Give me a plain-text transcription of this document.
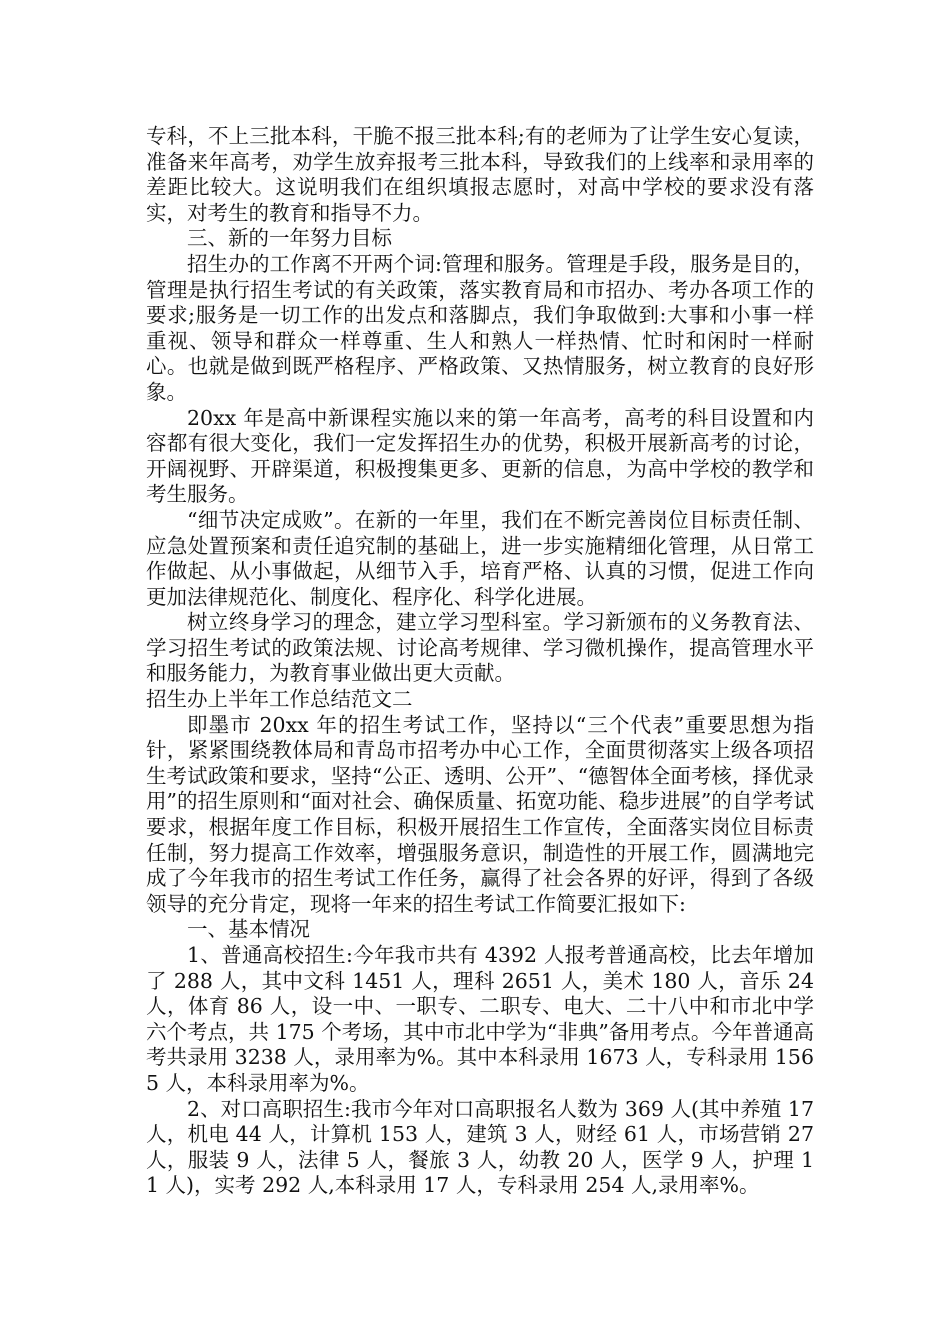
专科，不上三批本科，干脆不报三批本科;有的老师为了让学生安心复读，准备来年高考，劝学生放弃报考三批本科，导致我们的上线率和录用率的差距比较大。这说明我们在组织填报志愿时，对高中学校的要求没有落实，对考生的教育和指导不力。

三、新的一年努力目标

招生办的工作离不开两个词:管理和服务。管理是手段，服务是目的，管理是执行招生考试的有关政策，落实教育局和市招办、考办各项工作的要求;服务是一切工作的出发点和落脚点，我们争取做到:大事和小事一样重视、领导和群众一样尊重、生人和熟人一样热情、忙时和闲时一样耐心。也就是做到既严格程序、严格政策、又热情服务，树立教育的良好形象。

20xx 年是高中新课程实施以来的第一年高考，高考的科目设置和内容都有很大变化，我们一定发挥招生办的优势，积极开展新高考的讨论，开阔视野、开辟渠道，积极搜集更多、更新的信息，为高中学校的教学和考生服务。

“细节决定成败”。在新的一年里，我们在不断完善岗位目标责任制、应急处置预案和责任追究制的基础上，进一步实施精细化管理，从日常工作做起、从小事做起，从细节入手，培育严格、认真的习惯，促进工作向更加法律规范化、制度化、程序化、科学化进展。

树立终身学习的理念，建立学习型科室。学习新颁布的义务教育法、学习招生考试的政策法规、讨论高考规律、学习微机操作，提高管理水平和服务能力，为教育事业做出更大贡献。

招生办上半年工作总结范文二

即墨市 20xx 年的招生考试工作，坚持以“三个代表”重要思想为指针，紧紧围绕教体局和青岛市招考办中心工作，全面贯彻落实上级各项招生考试政策和要求，坚持“公正、透明、公开”、“德智体全面考核，择优录用”的招生原则和“面对社会、确保质量、拓宽功能、稳步进展”的自学考试要求，根据年度工作目标，积极开展招生工作宣传，全面落实岗位目标责任制，努力提高工作效率，增强服务意识，制造性的开展工作，圆满地完成了今年我市的招生考试工作任务，赢得了社会各界的好评，得到了各级领导的充分肯定，现将一年来的招生考试工作简要汇报如下:

一、基本情况

1、普通高校招生:今年我市共有 4392 人报考普通高校，比去年增加了 288 人，其中文科 1451 人，理科 2651 人，美术 180 人，音乐 24 人，体育 86 人，设一中、一职专、二职专、电大、二十八中和市北中学六个考点，共 175 个考场，其中市北中学为“非典”备用考点。今年普通高考共录用 3238 人，录用率为%。其中本科录用 1673 人，专科录用 1565 人，本科录用率为%。

2、对口高职招生:我市今年对口高职报名人数为 369 人(其中养殖 17 人，机电 44 人，计算机 153 人，建筑 3 人，财经 61 人，市场营销 27 人，服装 9 人，法律 5 人，餐旅 3 人，幼教 20 人，医学 9 人，护理 11 人)，实考 292 人,本科录用 17 人，专科录用 254 人,录用率%。
